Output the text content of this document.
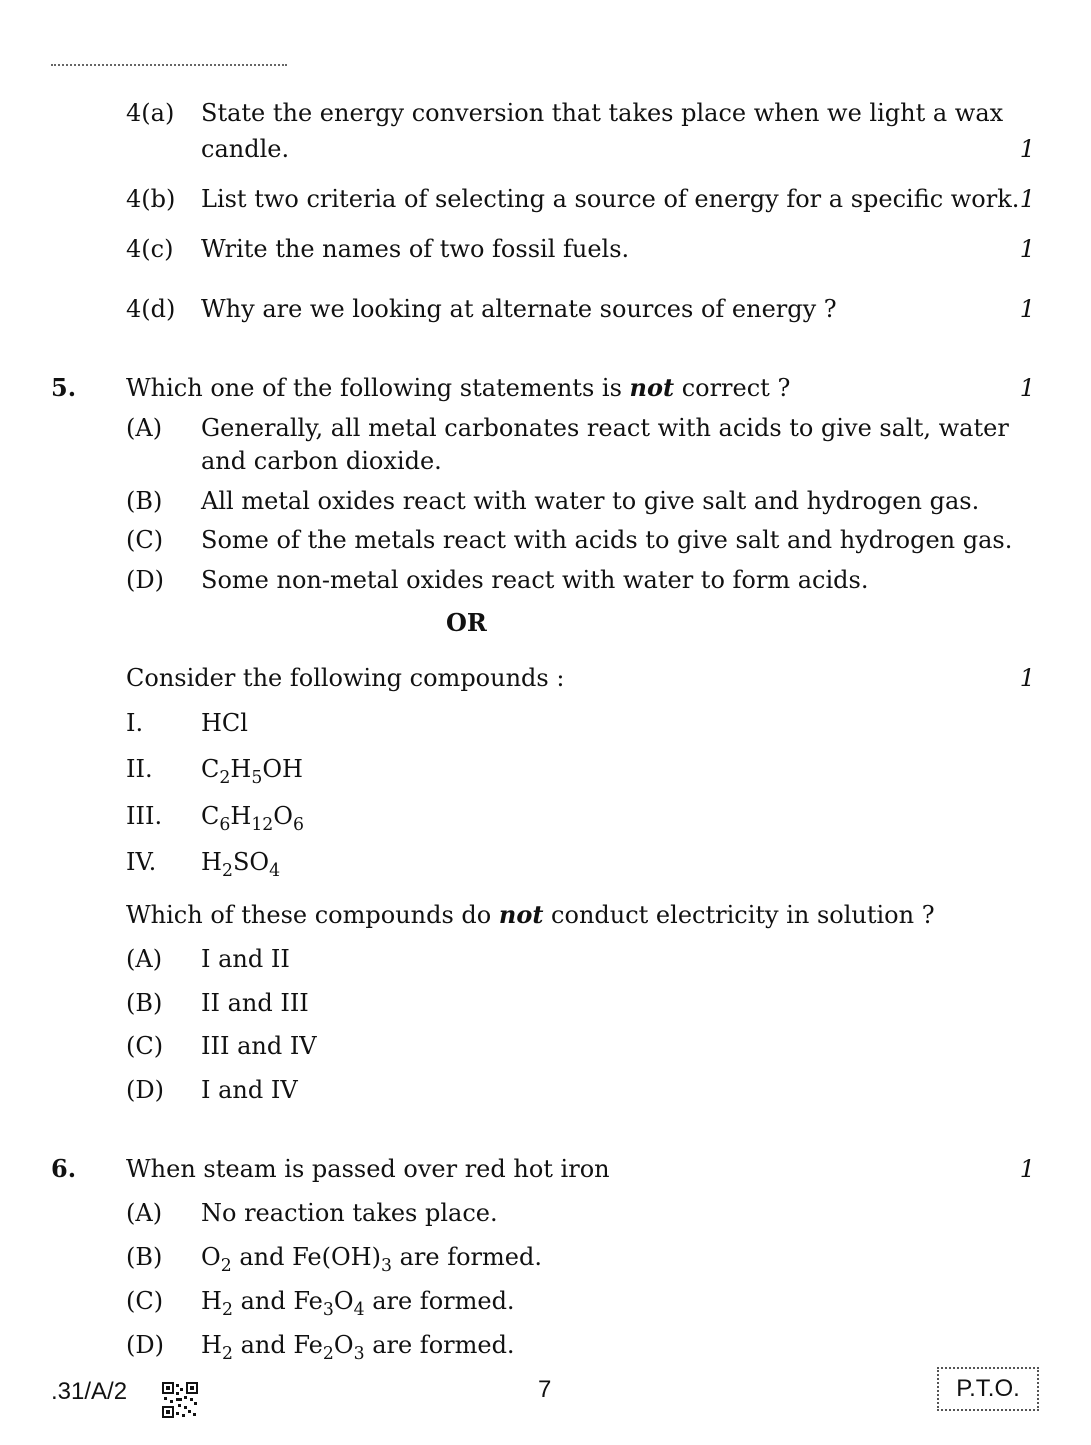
4(a) State the energy conversion that takes place when we light a wax
candle.	1
4(b) List two criteria of selecting a source of energy for a specific work. 1
4(c) Write the names of two fossil fuels.	1
4(d) Why are we looking at alternate sources of energy ?	1
5. Which one of the following statements is not correct ?	1
(A) Generally, all metal carbonates react with acids to give salt, water
and carbon dioxide.
(B) All metal oxides react with water to give salt and hydrogen gas.
(C) Some of the metals react with acids to give salt and hydrogen gas.
(D) Some non-metal oxides react with water to form acids.
OR
Consider the following compounds :	1
I. HCl
II. $C_2H_5OH$
III. $C_6H_{12}O_6$
IV. $H_2SO_4$
Which of these compounds do not conduct electricity in solution ?
(A) I and II
(B) II and III
(C) III and IV
(D) I and IV
6. When steam is passed over red hot iron	1
(A) No reaction takes place.
(B) $O_2$ and $Fe(OH)_3$ are formed.
(C) $H_2$ and $Fe_3O_4$ are formed.
(D) $H_2$ and $Fe_2O_3$ are formed.
.31/A/2	7	P.T.O.
